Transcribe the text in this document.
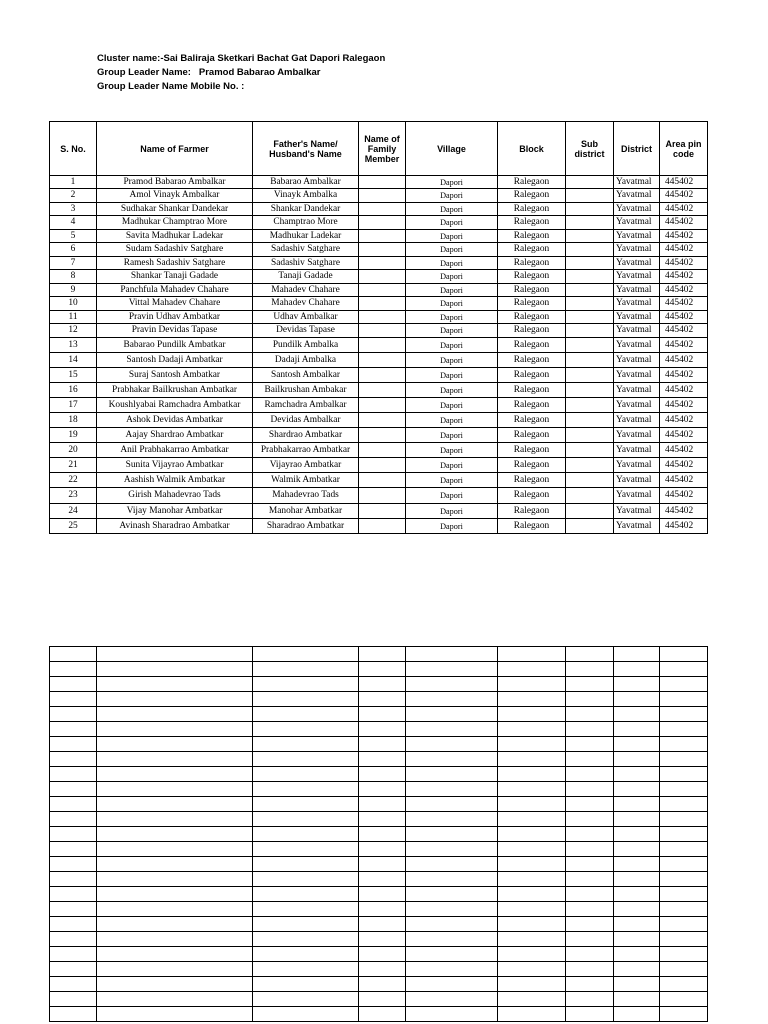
Cluster name:-Sai Baliraja Sketkari Bachat Gat Dapori Ralegaon
Group Leader Name:   Pramod Babarao Ambalkar
Group Leader Name Mobile No. :
S. No.	Name of Farmer	Father's Name/ Husband's Name	Name of Family Member	Village	Block	Sub district	District	Area pin code
1	Pramod Babarao Ambalkar	Babarao Ambalkar		Dapori	Ralegaon		Yavatmal	445402
2	Amol Vinayk Ambalkar	Vinayk Ambalka		Dapori	Ralegaon		Yavatmal	445402
3	Sudhakar Shankar Dandekar	Shankar Dandekar		Dapori	Ralegaon		Yavatmal	445402
4	Madhukar Champtrao More	Champtrao More		Dapori	Ralegaon		Yavatmal	445402
5	Savita Madhukar Ladekar	Madhukar Ladekar		Dapori	Ralegaon		Yavatmal	445402
6	Sudam Sadashiv Satghare	Sadashiv Satghare		Dapori	Ralegaon		Yavatmal	445402
7	Ramesh Sadashiv Satghare	Sadashiv Satghare		Dapori	Ralegaon		Yavatmal	445402
8	Shankar Tanaji Gadade	Tanaji Gadade		Dapori	Ralegaon		Yavatmal	445402
9	Panchfula Mahadev Chahare	Mahadev Chahare		Dapori	Ralegaon		Yavatmal	445402
10	Vittal Mahadev Chahare	Mahadev Chahare		Dapori	Ralegaon		Yavatmal	445402
11	Pravin Udhav Ambatkar	Udhav Ambalkar		Dapori	Ralegaon		Yavatmal	445402
12	Pravin Devidas Tapase	Devidas Tapase		Dapori	Ralegaon		Yavatmal	445402
13	Babarao Pundilk Ambatkar	Pundilk Ambalka		Dapori	Ralegaon		Yavatmal	445402
14	Santosh Dadaji Ambatkar	Dadaji Ambalka		Dapori	Ralegaon		Yavatmal	445402
15	Suraj Santosh Ambatkar	Santosh Ambalkar		Dapori	Ralegaon		Yavatmal	445402
16	Prabhakar Bailkrushan Ambatkar	Bailkrushan Ambakar		Dapori	Ralegaon		Yavatmal	445402
17	Koushlyabai Ramchadra Ambatkar	Ramchadra Ambalkar		Dapori	Ralegaon		Yavatmal	445402
18	Ashok Devidas Ambatkar	Devidas Ambalkar		Dapori	Ralegaon		Yavatmal	445402
19	Aajay Shardrao Ambatkar	Shardrao Ambatkar		Dapori	Ralegaon		Yavatmal	445402
20	Anil Prabhakarrao Ambatkar	Prabhakarrao Ambatkar		Dapori	Ralegaon		Yavatmal	445402
21	Sunita Vijayrao Ambatkar	Vijayrao Ambatkar		Dapori	Ralegaon		Yavatmal	445402
22	Aashish Walmik Ambatkar	Walmik Ambatkar		Dapori	Ralegaon		Yavatmal	445402
23	Girish Mahadevrao Tads	Mahadevrao Tads		Dapori	Ralegaon		Yavatmal	445402
24	Vijay Manohar Ambatkar	Manohar Ambatkar		Dapori	Ralegaon		Yavatmal	445402
25	Avinash Sharadrao Ambatkar	Sharadrao Ambatkar		Dapori	Ralegaon		Yavatmal	445402
